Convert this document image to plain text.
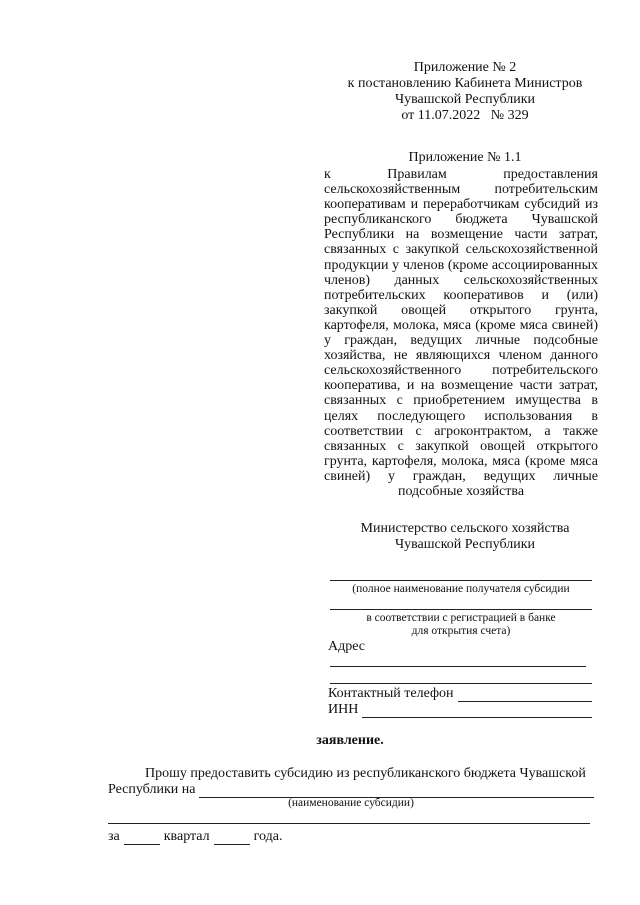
Приложение № 2
к постановлению Кабинета Министров
Чувашской Республики
от 11.07.2022   № 329
Приложение № 1.1
к Правилам предоставления сельскохозяйственным потребительским кооперативам и переработчикам субсидий из республиканского бюджета Чувашской Республики на возмещение части затрат, связанных с закупкой сельскохозяйственной продукции у членов (кроме ассоциированных членов) данных сельскохозяйственных потребительских кооперативов и (или) закупкой овощей открытого грунта, картофеля, молока, мяса (кроме мяса свиней) у граждан, ведущих личные подсобные хозяйства, не являющихся членом данного сельскохозяйственного потребительского кооператива, и на возмещение части затрат, связанных с приобретением имущества в целях последующего использования в соответствии с агроконтрактом, а также связанных с закупкой овощей открытого грунта, картофеля, молока, мяса (кроме мяса свиней) у граждан, ведущих личные подсобные хозяйства
Министерство сельского хозяйства
Чувашской Республики
(полное наименование получателя субсидии
в соответствии с регистрацией в банке
для открытия счета)
Адрес
Контактный телефон
ИНН
заявление.
Прошу предоставить субсидию из республиканского бюджета Чувашской
Республики на
(наименование субсидии)
за	квартал	года.
